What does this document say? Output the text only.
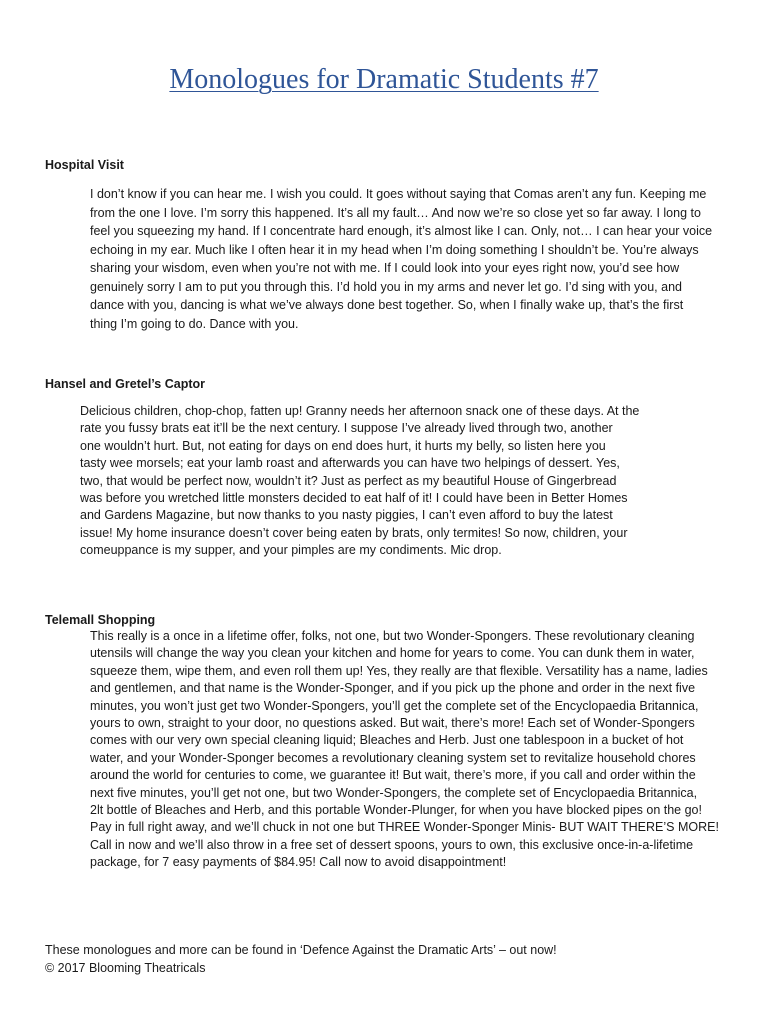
Monologues for Dramatic Students #7
Hospital Visit

I don’t know if you can hear me. I wish you could. It goes without saying that Comas aren’t any fun. Keeping me
from the one I love. I’m sorry this happened. It’s all my fault… And now we’re so close yet so far away. I long to
feel you squeezing my hand. If I concentrate hard enough, it’s almost like I can. Only, not… I can hear your voice
echoing in my ear. Much like I often hear it in my head when I’m doing something I shouldn’t be. You’re always
sharing your wisdom, even when you’re not with me. If I could look into your eyes right now, you’d see how
genuinely sorry I am to put you through this. I’d hold you in my arms and never let go. I’d sing with you, and
dance with you, dancing is what we’ve always done best together. So, when I finally wake up, that’s the first
thing I’m going to do. Dance with you.

Hansel and Gretel’s Captor

Delicious children, chop-chop, fatten up! Granny needs her afternoon snack one of these days. At the
rate you fussy brats eat it’ll be the next century. I suppose I’ve already lived through two, another
one wouldn’t hurt. But, not eating for days on end does hurt, it hurts my belly, so listen here you
tasty wee morsels; eat your lamb roast and afterwards you can have two helpings of dessert. Yes,
two, that would be perfect now, wouldn’t it? Just as perfect as my beautiful House of Gingerbread
was before you wretched little monsters decided to eat half of it! I could have been in Better Homes
and Gardens Magazine, but now thanks to you nasty piggies, I can’t even afford to buy the latest
issue! My home insurance doesn’t cover being eaten by brats, only termites! So now, children, your
comeuppance is my supper, and your pimples are my condiments. Mic drop.

Telemall Shopping

This really is a once in a lifetime offer, folks, not one, but two Wonder-Spongers. These revolutionary cleaning
utensils will change the way you clean your kitchen and home for years to come. You can dunk them in water,
squeeze them, wipe them, and even roll them up! Yes, they really are that flexible. Versatility has a name, ladies
and gentlemen, and that name is the Wonder-Sponger, and if you pick up the phone and order in the next five
minutes, you won’t just get two Wonder-Spongers, you’ll get the complete set of the Encyclopaedia Britannica,
yours to own, straight to your door, no questions asked. But wait, there’s more! Each set of Wonder-Spongers
comes with our very own special cleaning liquid; Bleaches and Herb. Just one tablespoon in a bucket of hot
water, and your Wonder-Sponger becomes a revolutionary cleaning system set to revitalize household chores
around the world for centuries to come, we guarantee it! But wait, there’s more, if you call and order within the
next five minutes, you’ll get not one, but two Wonder-Spongers, the complete set of Encyclopaedia Britannica,
2lt bottle of Bleaches and Herb, and this portable Wonder-Plunger, for when you have blocked pipes on the go!
Pay in full right away, and we’ll chuck in not one but THREE Wonder-Sponger Minis- BUT WAIT THERE’S MORE!
Call in now and we’ll also throw in a free set of dessert spoons, yours to own, this exclusive once-in-a-lifetime
package, for 7 easy payments of $84.95! Call now to avoid disappointment!

These monologues and more can be found in ‘Defence Against the Dramatic Arts’ – out now!
© 2017 Blooming Theatricals
